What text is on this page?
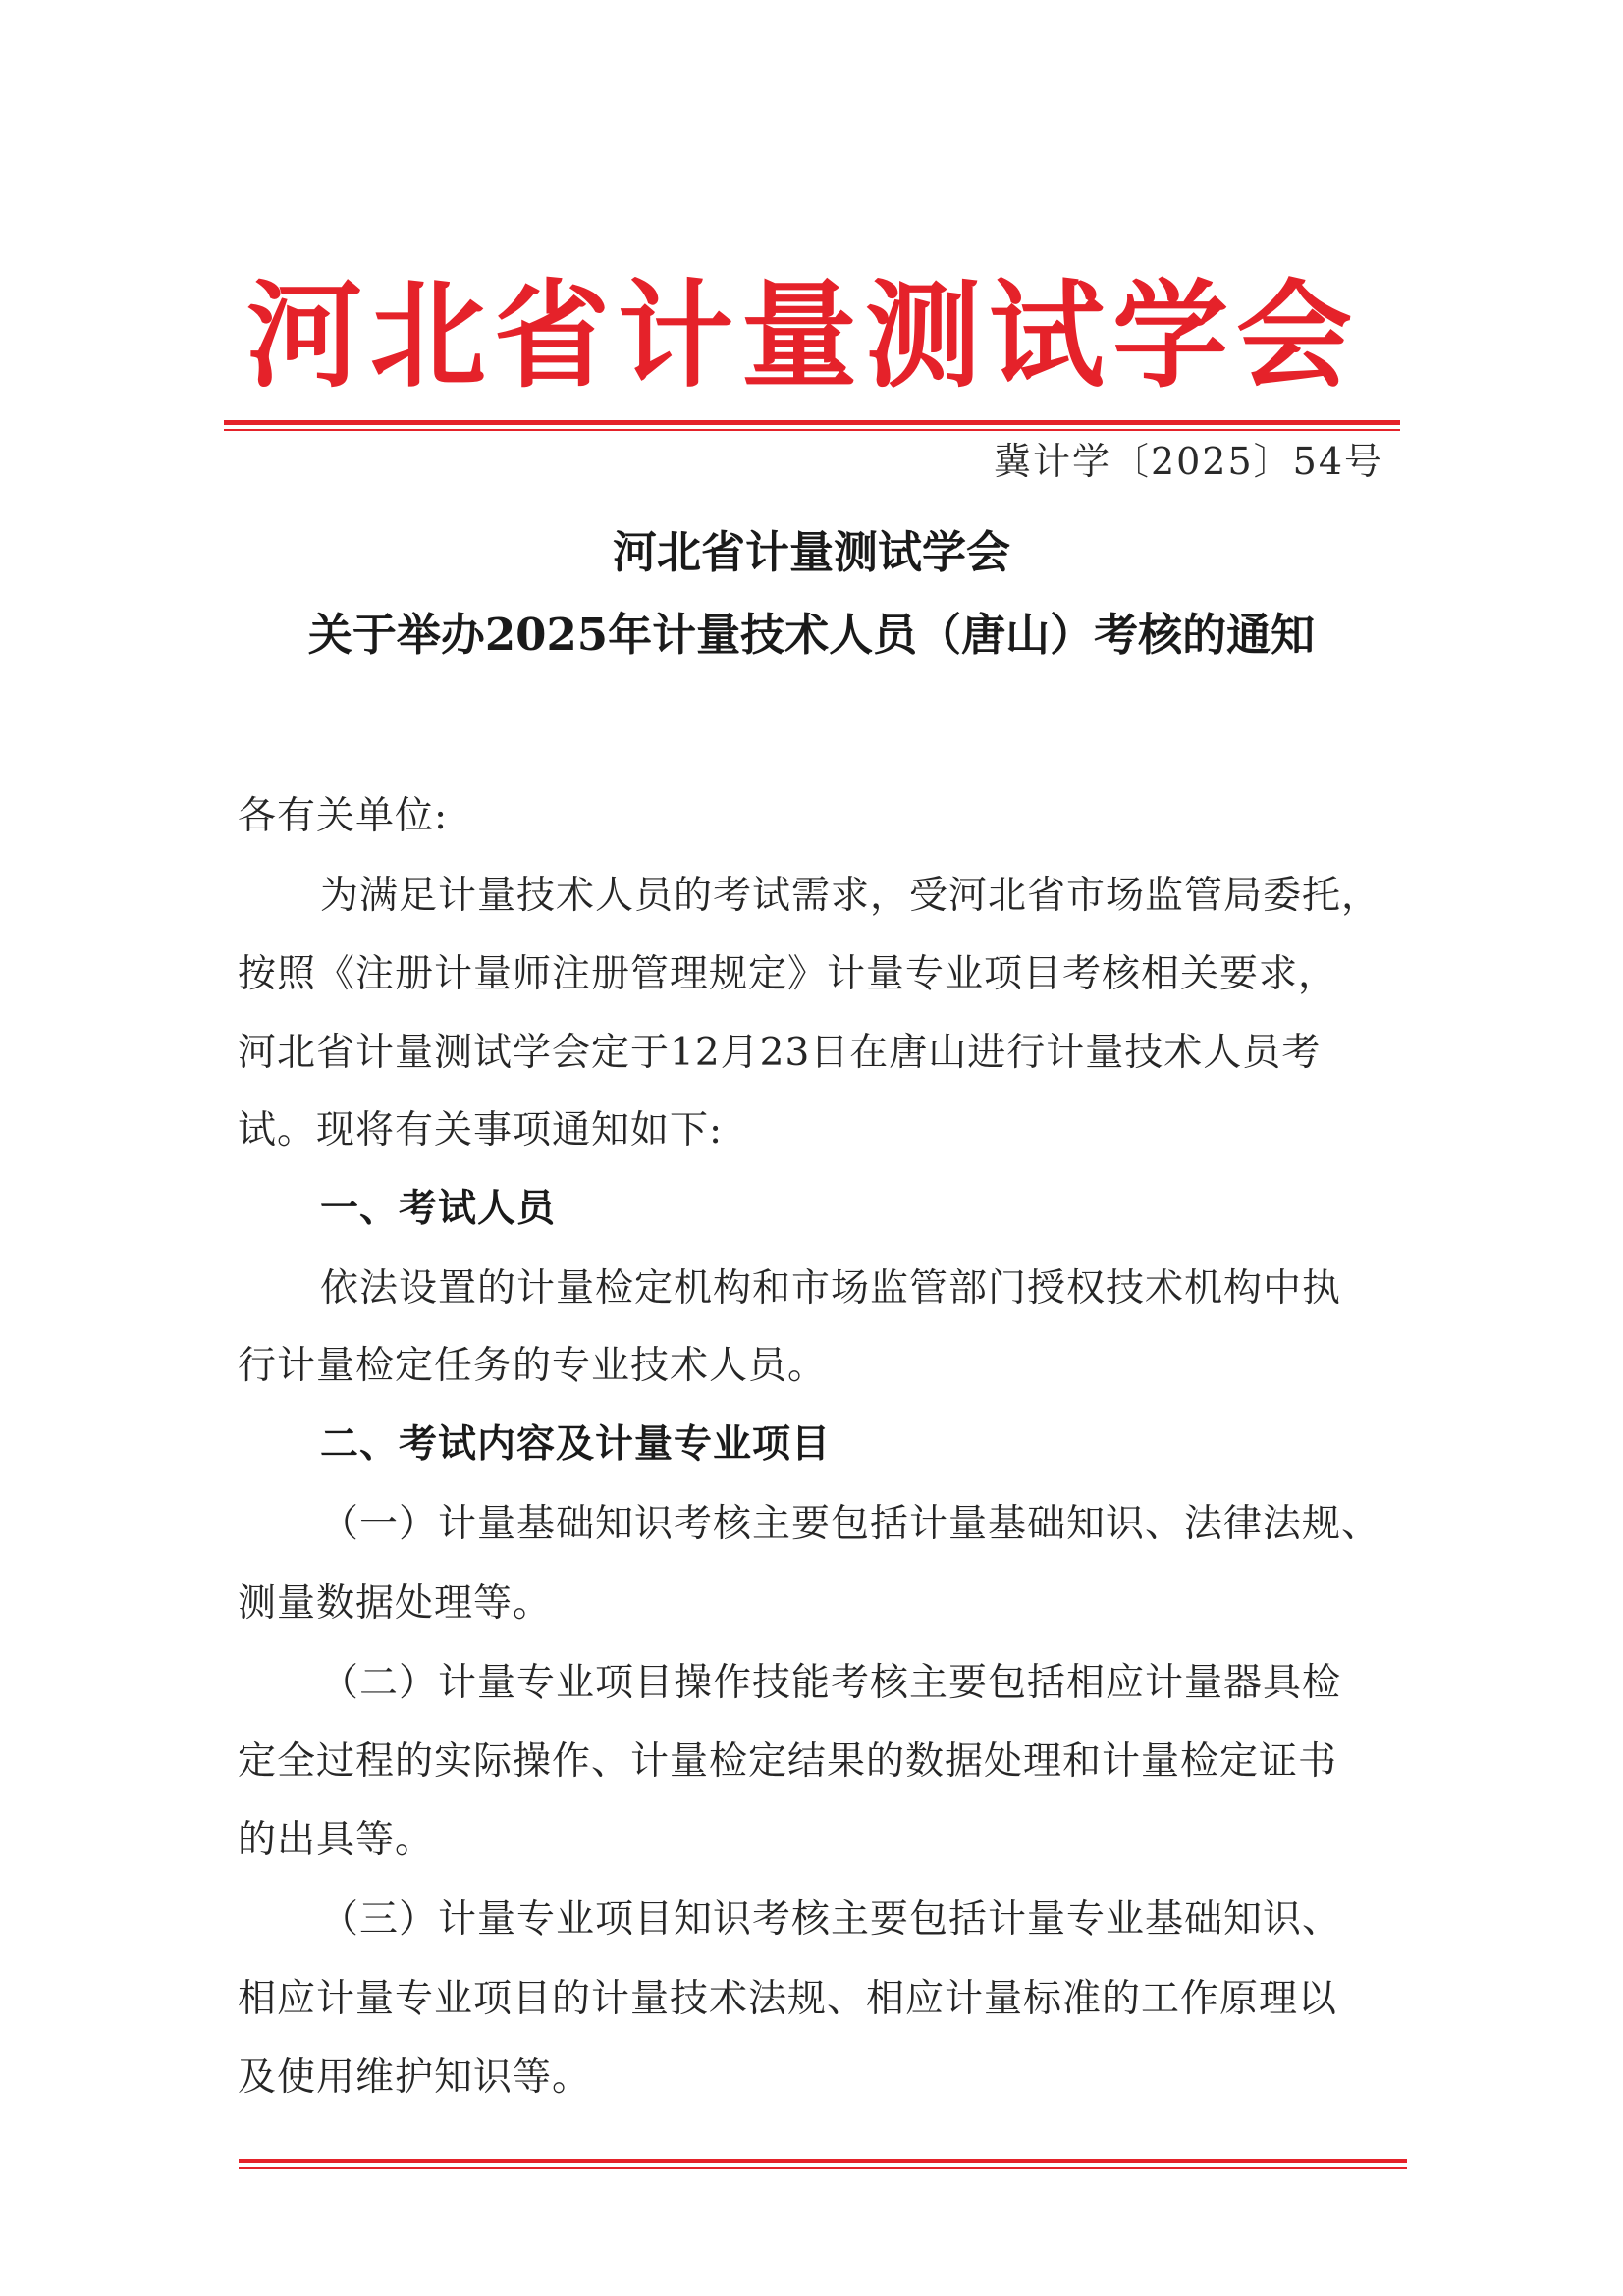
河北省计量测试学会
冀计学〔2025〕54号
河北省计量测试学会
关于举办2025年计量技术人员（唐山）考核的通知
各有关单位:
为满足计量技术人员的考试需求，受河北省市场监管局委托，
按照《注册计量师注册管理规定》计量专业项目考核相关要求，
河北省计量测试学会定于12月23日在唐山进行计量技术人员考
试。现将有关事项通知如下:
一、考试人员
依法设置的计量检定机构和市场监管部门授权技术机构中执
行计量检定任务的专业技术人员。
二、考试内容及计量专业项目
（一）计量基础知识考核主要包括计量基础知识、法律法规、
测量数据处理等。
（二）计量专业项目操作技能考核主要包括相应计量器具检
定全过程的实际操作、计量检定结果的数据处理和计量检定证书
的出具等。
（三）计量专业项目知识考核主要包括计量专业基础知识、
相应计量专业项目的计量技术法规、相应计量标准的工作原理以
及使用维护知识等。
